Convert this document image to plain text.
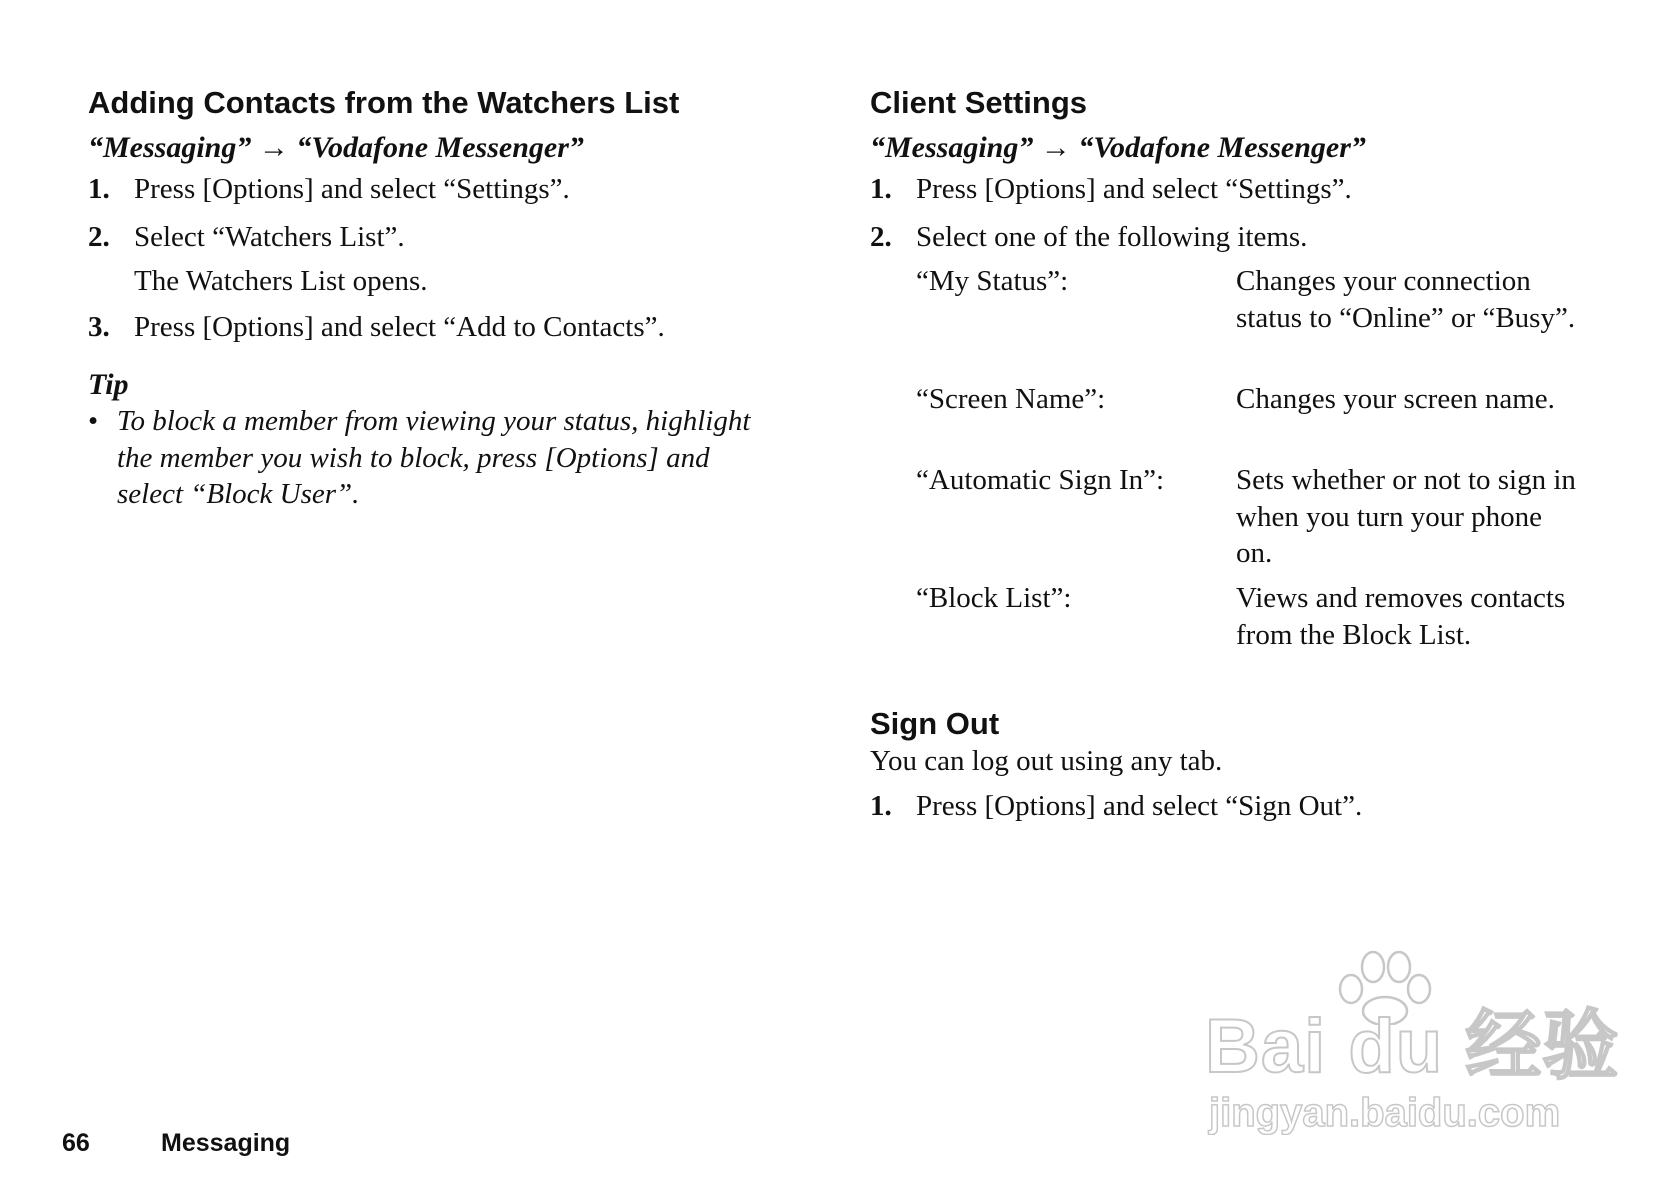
Adding Contacts from the Watchers List
“Messaging” → “Vodafone Messenger”
1. Press [Options] and select “Settings”.
2. Select “Watchers List”.
The Watchers List opens.
3. Press [Options] and select “Add to Contacts”.
Tip
• To block a member from viewing your status, highlight the member you wish to block, press [Options] and select “Block User”.
Client Settings
“Messaging” → “Vodafone Messenger”
1. Press [Options] and select “Settings”.
2. Select one of the following items.
“My Status”:	Changes your connection status to “Online” or “Busy”.
“Screen Name”:	Changes your screen name.
“Automatic Sign In”: Sets whether or not to sign in when you turn your phone on.
“Block List”:	Views and removes contacts from the Block List.
Sign Out
You can log out using any tab.
1. Press [Options] and select “Sign Out”.
66	Messaging
Bai du 经验
jingyan.baidu.com
